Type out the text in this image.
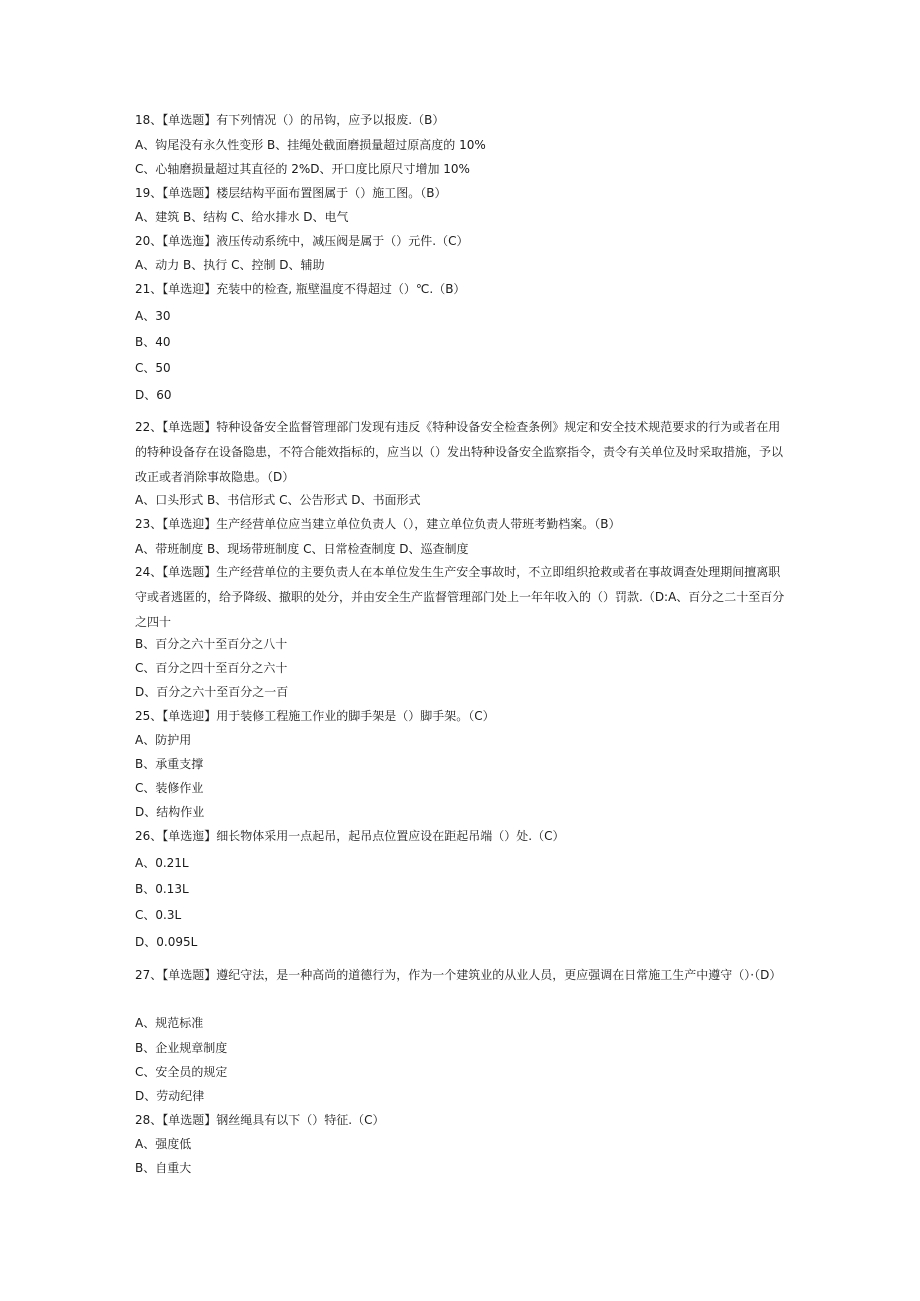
18、【单选题】有下列情况（）的吊钩，应予以报废.（B）
A、钩尾没有永久性变形 B、挂绳处截面磨损量超过原高度的 10%
C、心轴磨损量超过其直径的 2%D、开口度比原尺寸增加 10%
19、【单选题】楼层结构平面布置图属于（）施工图。（B）
A、建筑 B、结构 C、给水排水 D、电气
20、【单选迤】液压传动系统中，减压阀是属于（）元件.（C）
A、动力 B、执行 C、控制 D、辅助
21、【单选迎】充装中的检查, 瓶壁温度不得超过（）℃.（B）
A、30
B、40
C、50
D、60
22、【单选题】特种设备安全监督管理部门发现有违反《特种设备安全检查条例》规定和安全技术规范要求的行为或者在用的特种设备存在设备隐患，不符合能效指标的，应当以（）发出特种设备安全监察指令，责令有关单位及时采取措施，予以改正或者消除事故隐患。（D）
A、口头形式 B、书信形式 C、公告形式 D、书面形式
23、【单选迎】生产经营单位应当建立单位负责人（），建立单位负责人带班考勤档案。（B）
A、带班制度 B、现场带班制度 C、日常检查制度 D、巡查制度
24、【单选题】生产经营单位的主要负责人在本单位发生生产安全事故时，不立即组织抢救或者在事故调查处理期间擅离职守或者逃匿的，给予降级、撤职的处分，并由安全生产监督管理部门处上一年年收入的（）罚款.（D:A、百分之二十至百分之四十
B、百分之六十至百分之八十
C、百分之四十至百分之六十
D、百分之六十至百分之一百
25、【单选迎】用于装修工程施工作业的脚手架是（）脚手架。（C）
A、防护用
B、承重支撑
C、装修作业
D、结构作业
26、【单选迤】细长物体采用一点起吊，起吊点位置应设在距起吊端（）处.（C）
A、0.21L
B、0.13L
C、0.3L
D、0.095L
27、【单选题】遵纪守法，是一种高尚的道德行为，作为一个建筑业的从业人员，更应强调在日常施工生产中遵守（）·（D）
A、规范标准
B、企业规章制度
C、安全员的规定
D、劳动纪律
28、【单选题】钢丝绳具有以下（）特征.（C）
A、强度低
B、自重大
